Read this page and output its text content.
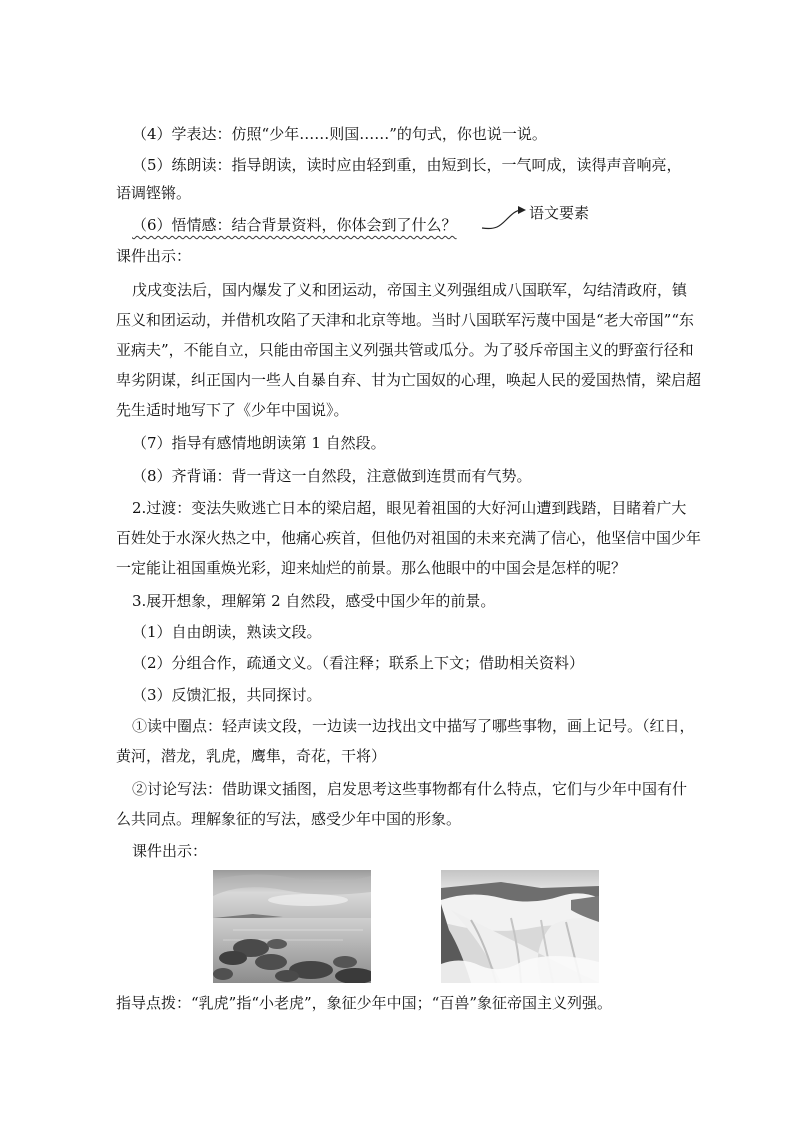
（4）学表达：仿照“少年……则国……”的句式，你也说一说。
（5）练朗读：指导朗读，读时应由轻到重，由短到长，一气呵成，读得声音响亮，
语调铿锵。
（6）悟情感：结合背景资料，你体会到了什么？
语文要素
课件出示：
戊戌变法后，国内爆发了义和团运动，帝国主义列强组成八国联军，勾结清政府，镇
压义和团运动，并借机攻陷了天津和北京等地。当时八国联军污蔑中国是“老大帝国”“东
亚病夫”，不能自立，只能由帝国主义列强共管或瓜分。为了驳斥帝国主义的野蛮行径和
卑劣阴谋，纠正国内一些人自暴自弃、甘为亡国奴的心理，唤起人民的爱国热情，梁启超
先生适时地写下了《少年中国说》。
（7）指导有感情地朗读第 1 自然段。
（8）齐背诵：背一背这一自然段，注意做到连贯而有气势。
2.过渡：变法失败逃亡日本的梁启超，眼见着祖国的大好河山遭到践踏，目睹着广大
百姓处于水深火热之中，他痛心疾首，但他仍对祖国的未来充满了信心，他坚信中国少年
一定能让祖国重焕光彩，迎来灿烂的前景。那么他眼中的中国会是怎样的呢？
3.展开想象，理解第 2 自然段，感受中国少年的前景。
（1）自由朗读，熟读文段。
（2）分组合作，疏通文义。（看注释；联系上下文；借助相关资料）
（3）反馈汇报，共同探讨。
①读中圈点：轻声读文段，一边读一边找出文中描写了哪些事物，画上记号。（红日，
黄河，潜龙，乳虎，鹰隼，奇花，干将）
②讨论写法：借助课文插图，启发思考这些事物都有什么特点，它们与少年中国有什
么共同点。理解象征的写法，感受少年中国的形象。
课件出示：
指导点拨：“乳虎”指“小老虎”，象征少年中国；“百兽”象征帝国主义列强。
